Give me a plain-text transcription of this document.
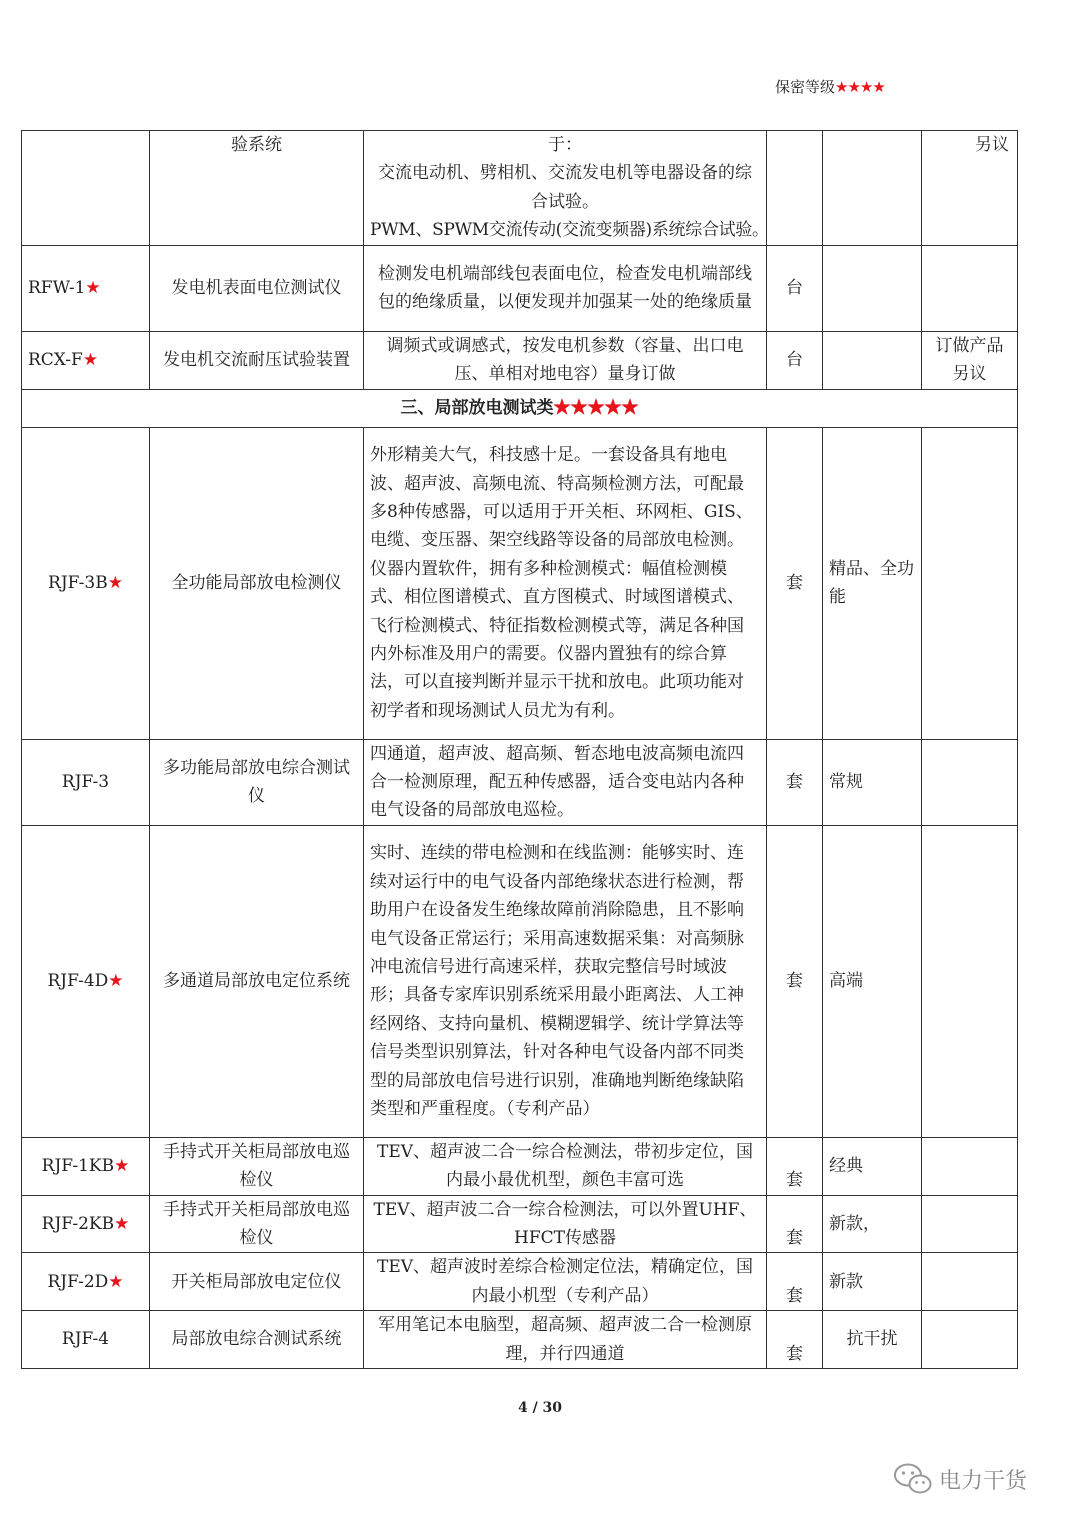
保密等级★★★★
	验系统	于：
交流电动机、劈相机、交流发电机等电器设备的综合试验。
PWM、SPWM交流传动(交流变频器)系统综合试验。			另议
RFW-1★	发电机表面电位测试仪	检测发电机端部线包表面电位，检查发电机端部线包的绝缘质量，以便发现并加强某一处的绝缘质量	台		
RCX-F★	发电机交流耐压试验装置	调频式或调感式，按发电机参数（容量、出口电压、单相对地电容）量身订做	台		订做产品另议
三、局部放电测试类★★★★★					
RJF-3B★	全功能局部放电检测仪	外形精美大气，科技感十足。一套设备具有地电波、超声波、高频电流、特高频检测方法，可配最多8种传感器，可以适用于开关柜、环网柜、GIS、电缆、变压器、架空线路等设备的局部放电检测。仪器内置软件，拥有多种检测模式：幅值检测模式、相位图谱模式、直方图模式、时域图谱模式、飞行检测模式、特征指数检测模式等，满足各种国内外标准及用户的需要。仪器内置独有的综合算法，可以直接判断并显示干扰和放电。此项功能对初学者和现场测试人员尤为有利。	套	精品、全功能	
RJF-3	多功能局部放电综合测试仪	四通道，超声波、超高频、暂态地电波高频电流四合一检测原理，配五种传感器，适合变电站内各种电气设备的局部放电巡检。	套	常规	
RJF-4D★	多通道局部放电定位系统	实时、连续的带电检测和在线监测：能够实时、连续对运行中的电气设备内部绝缘状态进行检测，帮助用户在设备发生绝缘故障前消除隐患，且不影响电气设备正常运行；采用高速数据采集：对高频脉冲电流信号进行高速采样，获取完整信号时域波形；具备专家库识别系统采用最小距离法、人工神经网络、支持向量机、模糊逻辑学、统计学算法等信号类型识别算法，针对各种电气设备内部不同类型的局部放电信号进行识别，准确地判断绝缘缺陷类型和严重程度。（专利产品）	套	高端	
RJF-1KB★	手持式开关柜局部放电巡检仪	TEV、超声波二合一综合检测法，带初步定位，国内最小最优机型，颜色丰富可选	套	经典	
RJF-2KB★	手持式开关柜局部放电巡检仪	TEV、超声波二合一综合检测法，可以外置UHF、HFCT传感器	套	新款，	
RJF-2D★	开关柜局部放电定位仪	TEV、超声波时差综合检测定位法，精确定位，国内最小机型（专利产品）	套	新款	
RJF-4	局部放电综合测试系统	军用笔记本电脑型，超高频、超声波二合一检测原理，并行四通道	套	抗干扰	
4 / 30
电力干货
